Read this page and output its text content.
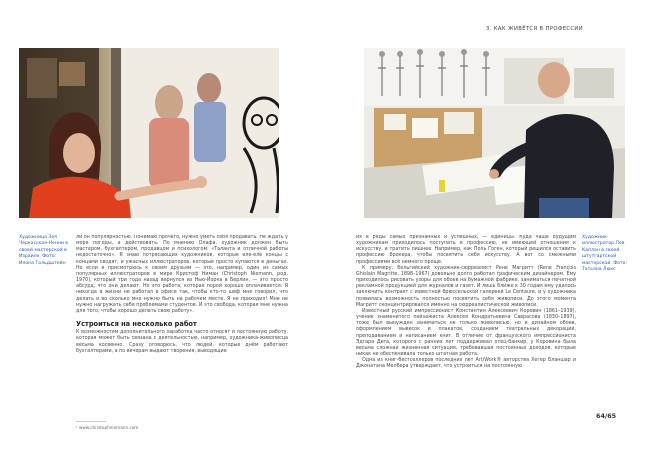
3. КАК ЖИВЁТСЯ В ПРОФЕССИИ
Художница Зоя Черкасская-Ненни в своей мастерской в Израиле. Фото: Илона Гольдштейн
Художник-иллюстратор Лев Каплан в своей штутгартской мастерской. Фото: Татьяна Люкс

ли он популярностью. Понимаю прочего, нужно уметь себя продавать. Не ждать у моря погоды, а действовать. По мнению Олафа, художник должен быть мастером, бухгалтером, продавцом и психологом: «Таланта и отличной работы недостаточно». Я знаю потрясающих художников, которые еле-еле концы с концами сводят, и ужасных иллюстраторов, которые просто купаются в деньгах. Но если я присмотрюсь к своим друзьям — это, например, один из самых популярных иллюстраторов в мире Кристоф Ниман (Christoph Niemann, род. 1970), который три года назад вернулся из Нью-Йорка в Берлин, — это просто абсурд, что они делают. Но это работа, которая порой хорошо оплачивается. Я никогда в жизни не работал в офисе так, чтобы кто-то шеф мне говорил, что делать и во сколько мне нужно быть на рабочем месте. Я не приходил! Мне не нужно нагружать себя проблемами студентов. И это свобода, которая мне нужна для того, чтобы хорошо делать свою работу».

Устроиться на несколько работ

К возможностям дополнительного заработка часто относят и постоянную работу, которая может быть связана с деятельностью, например, художника-живописца весьма косвенно. Сразу оговорюсь, что людей, которые днём работают бухгалтерами, а по вечерам выдают творения, выводящие

¹ www.christophniemann.com

их в ряды самых признанных и успешных, — единицы. Куда чаще будущим художникам приходилось поступать в профессию, не имеющей отношения к искусству, и тратить лишнее. Например, как Поль Гоген, который решился оставить профессию брокера, чтобы посвятить себя искусству. А вот со смежными профессиями всё немного проще.

К примеру, бельгийский художник-сюрреалист Рене Магритт (René François Ghislain Magritte, 1898–1967) довольно долго работал графическим дизайнером. Ему приходилось рисовать узоры для обоев на бумажной фабрике, заниматься печатной рекламной продукцией для журналов и газет. И лишь ближе к 30 годам ему удалось заключить контракт с известной брюссельской галереей Le Centaure, и у художника появилась возможность полностью посвятить себя живописи. До этого момента Магритт сконцентрировался именно на сюрреалистической живописи.

Известный русский импрессионист Константин Алексеевич Коровин (1861–1939), ученик знаменитого пейзажиста Алексея Кондратьевича Саврасова (1830–1897), тоже был вынужден заниматься не только живописью, но и дизайном обоев, оформлением вывесок и плакатов, созданием театральных декораций, преподаванием и написанием книг. В отличие от французского импрессиониста Эдгара Дега, которого с ранних лет поддерживал отец-банкир, у Коровина была весьма сложная жизненная ситуация, требовавшая постоянных доходов, которые никак не обеспечивала только штатная работа.

Одна из книг-бестселлеров последних лет Art/Work® авторства Хегер Бланшар и Джонатана Мелбера утверждает, что устроиться на постоянную

64/65
